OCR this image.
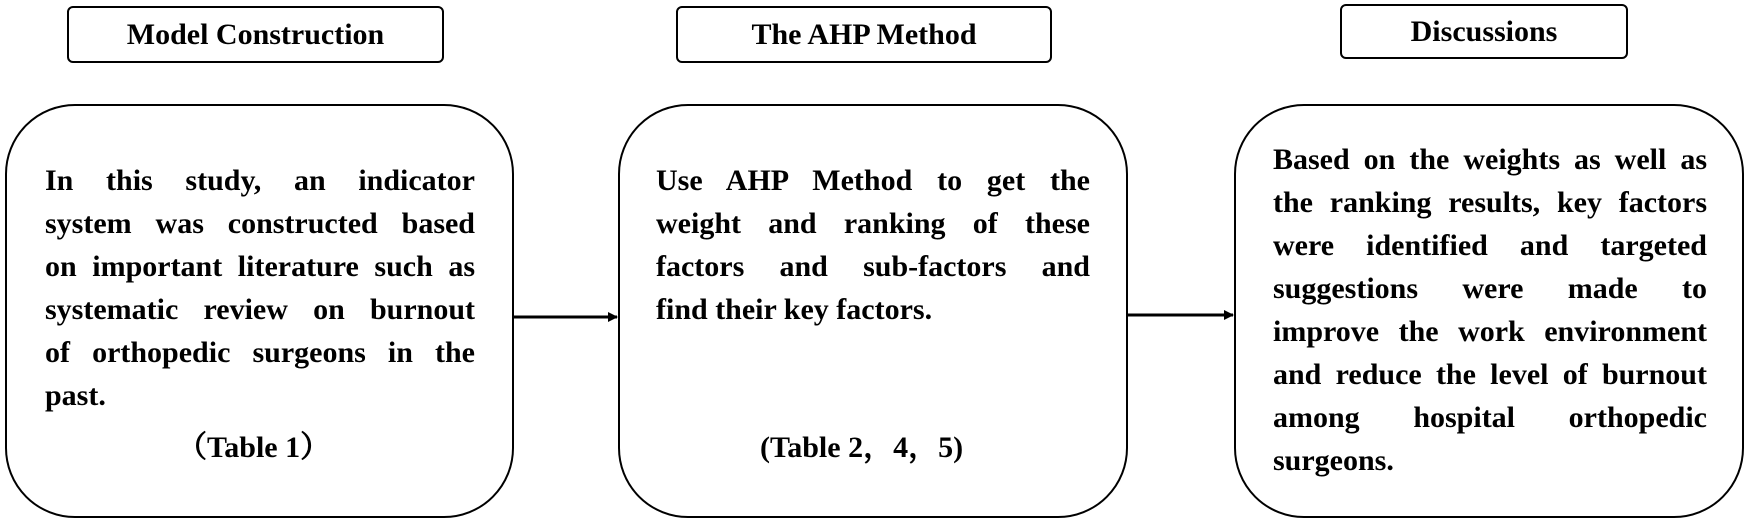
Model Construction	The AHP Method	Discussions
In this study, an indicator
system was constructed based
on important literature such as
systematic review on burnout
of orthopedic surgeons in the
past.
（Table 1）
Use AHP Method to get the
weight and ranking of these
factors and sub-factors and
find their key factors.
(Table 2，4，5)
Based on the weights as well as
the ranking results, key factors
were identified and targeted
suggestions were made to
improve the work environment
and reduce the level of burnout
among hospital orthopedic
surgeons.
